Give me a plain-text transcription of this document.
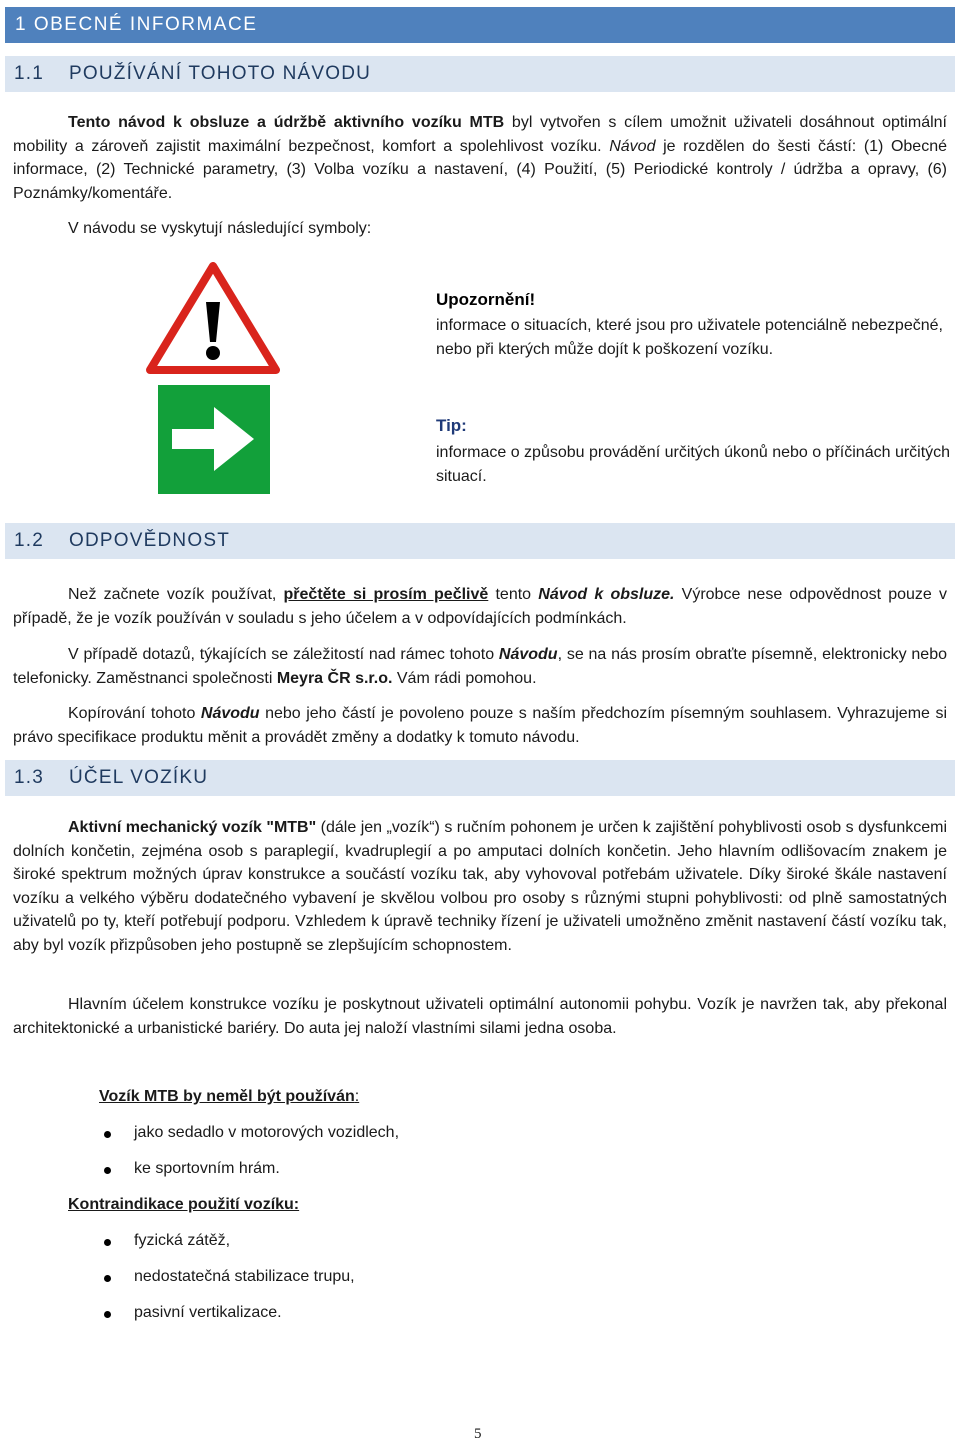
1 OBECNÉ INFORMACE
1.1 POUŽÍVÁNÍ TOHOTO NÁVODU

Tento návod k obsluze a údržbě aktivního vozíku MTB byl vytvořen s cílem umožnit uživateli dosáhnout optimální mobility a zároveň zajistit maximální bezpečnost, komfort a spolehlivost vozíku. Návod je rozdělen do šesti částí: (1) Obecné informace, (2) Technické parametry, (3) Volba vozíku a nastavení, (4) Použití, (5) Periodické kontroly / údržba a opravy, (6) Poznámky/komentáře.

V návodu se vyskytují následující symboly:

Upozornění!
informace o situacích, které jsou pro uživatele potenciálně nebezpečné, nebo při kterých může dojít k poškození vozíku.
Tip:
informace o způsobu provádění určitých úkonů nebo o příčinách určitých situací.
1.2 ODPOVĚDNOST

Než začnete vozík používat, přečtěte si prosím pečlivě tento Návod k obsluze. Výrobce nese odpovědnost pouze v případě, že je vozík používán v souladu s jeho účelem a v odpovídajících podmínkách.

V případě dotazů, týkajících se záležitostí nad rámec tohoto Návodu, se na nás prosím obraťte písemně, elektronicky nebo telefonicky. Zaměstnanci společnosti Meyra ČR s.r.o. Vám rádi pomohou.

Kopírování tohoto Návodu nebo jeho částí je povoleno pouze s naším předchozím písemným souhlasem. Vyhrazujeme si právo specifikace produktu měnit a provádět změny a dodatky k tomuto návodu.

1.3 ÚČEL VOZÍKU

Aktivní mechanický vozík "MTB" (dále jen „vozík“) s ručním pohonem je určen k zajištění pohyblivosti osob s dysfunkcemi dolních končetin, zejména osob s paraplegií, kvadruplegií a po amputaci dolních končetin. Jeho hlavním odlišovacím znakem je široké spektrum možných úprav konstrukce a součástí vozíku tak, aby vyhovoval potřebám uživatele. Díky široké škále nastavení vozíku a velkého výběru dodatečného vybavení je skvělou volbou pro osoby s různými stupni pohyblivosti: od plně samostatných uživatelů po ty, kteří potřebují podporu. Vzhledem k úpravě techniky řízení je uživateli umožněno změnit nastavení částí vozíku tak, aby byl vozík přizpůsoben jeho postupně se zlepšujícím schopnostem.

Hlavním účelem konstrukce vozíku je poskytnout uživateli optimální autonomii pohybu. Vozík je navržen tak, aby překonal architektonické a urbanistické bariéry. Do auta jej naloží vlastními silami jedna osoba.

Vozík MTB by neměl být používán:
jako sedadlo v motorových vozidlech,
ke sportovním hrám.
Kontraindikace použití vozíku:
fyzická zátěž,
nedostatečná stabilizace trupu,
pasivní vertikalizace.
5
